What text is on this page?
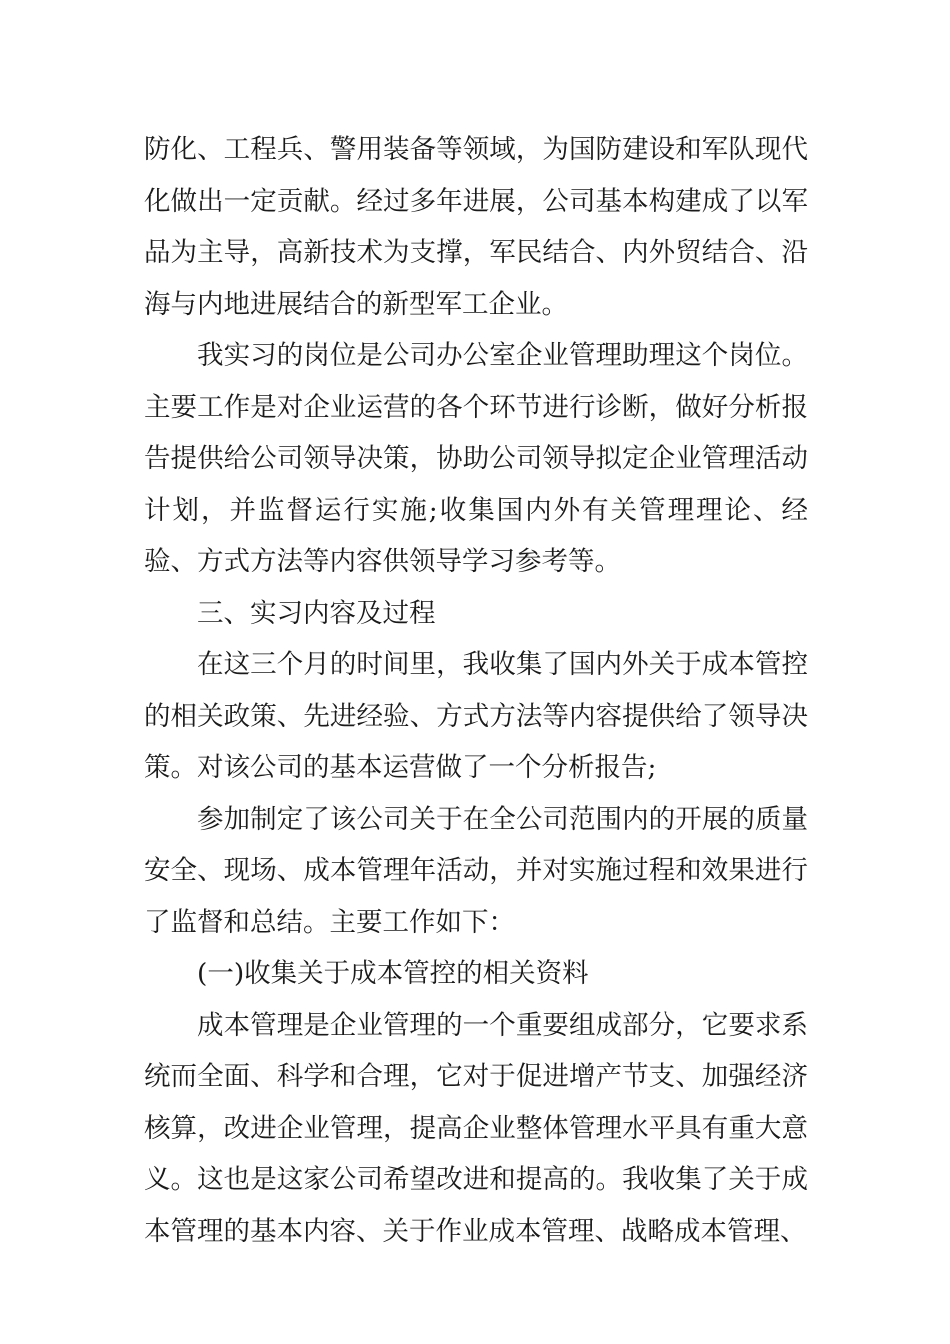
防化、工程兵、警用装备等领域，为国防建设和军队现代化做出一定贡献。经过多年进展，公司基本构建成了以军品为主导，高新技术为支撑，军民结合、内外贸结合、沿海与内地进展结合的新型军工企业。

我实习的岗位是公司办公室企业管理助理这个岗位。主要工作是对企业运营的各个环节进行诊断，做好分析报告提供给公司领导决策，协助公司领导拟定企业管理活动计划，并监督运行实施;收集国内外有关管理理论、经验、方式方法等内容供领导学习参考等。

三、实习内容及过程

在这三个月的时间里，我收集了国内外关于成本管控的相关政策、先进经验、方式方法等内容提供给了领导决策。对该公司的基本运营做了一个分析报告;

参加制定了该公司关于在全公司范围内的开展的质量安全、现场、成本管理年活动，并对实施过程和效果进行了监督和总结。主要工作如下：

(一)收集关于成本管控的相关资料

成本管理是企业管理的一个重要组成部分，它要求系统而全面、科学和合理，它对于促进增产节支、加强经济核算，改进企业管理，提高企业整体管理水平具有重大意义。这也是这家公司希望改进和提高的。我收集了关于成本管理的基本内容、关于作业成本管理、战略成本管理、
